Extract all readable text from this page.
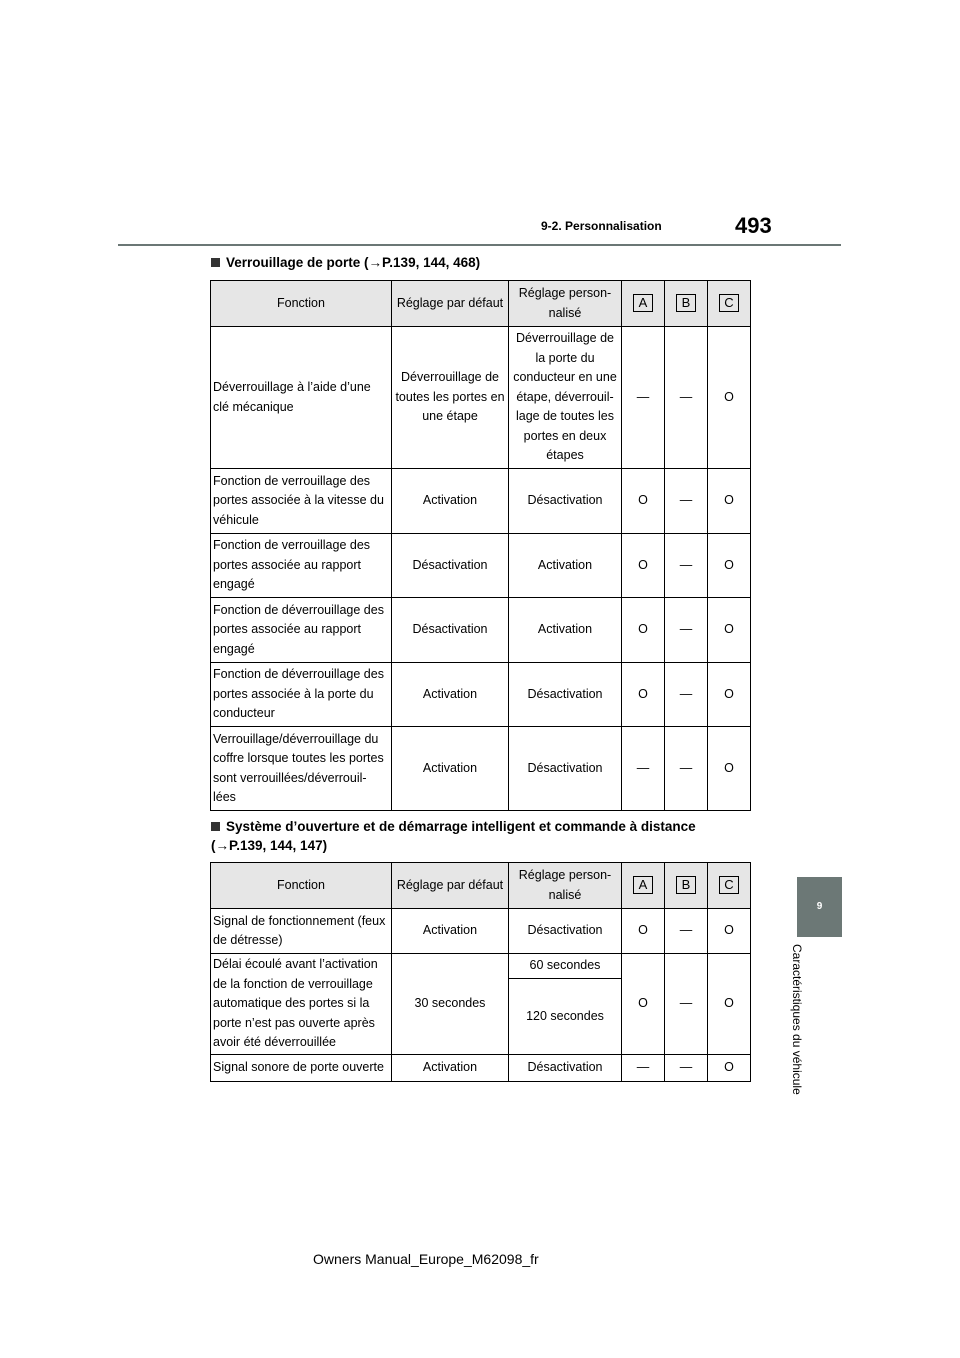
9-2. Personnalisation	493
9
Caractéristiques du véhicule
Verrouillage de porte (→P.139, 144, 468)
Fonction	Réglage par défaut	Réglage person- nalisé	A	B	C
Déverrouillage à l’aide d’une clé mécanique	Déverrouillage de toutes les portes en une étape	Déverrouillage de la porte du conducteur en une étape, déverrouil- lage de toutes les portes en deux étapes	—	—	O
Fonction de verrouillage des portes associée à la vitesse du véhicule	Activation	Désactivation	O	—	O
Fonction de verrouillage des portes associée au rapport engagé	Désactivation	Activation	O	—	O
Fonction de déverrouillage des portes associée au rapport engagé	Désactivation	Activation	O	—	O
Fonction de déverrouillage des portes associée à la porte du conducteur	Activation	Désactivation	O	—	O
Verrouillage/déverrouillage du coffre lorsque toutes les portes sont verrouillées/déverrouil- lées	Activation	Désactivation	—	—	O
Système d’ouverture et de démarrage intelligent et commande à distance (→P.139, 144, 147)
Fonction	Réglage par défaut	Réglage person- nalisé	A	B	C
Signal de fonctionnement (feux de détresse)	Activation	Désactivation	O	—	O
Délai écoulé avant l’activation de la fonction de verrouillage automatique des portes si la porte n’est pas ouverte après avoir été déverrouillée	30 secondes	60 secondes	O	—	O
		120 secondes			
Signal sonore de porte ouverte	Activation	Désactivation	—	—	O
Owners Manual_Europe_M62098_fr
